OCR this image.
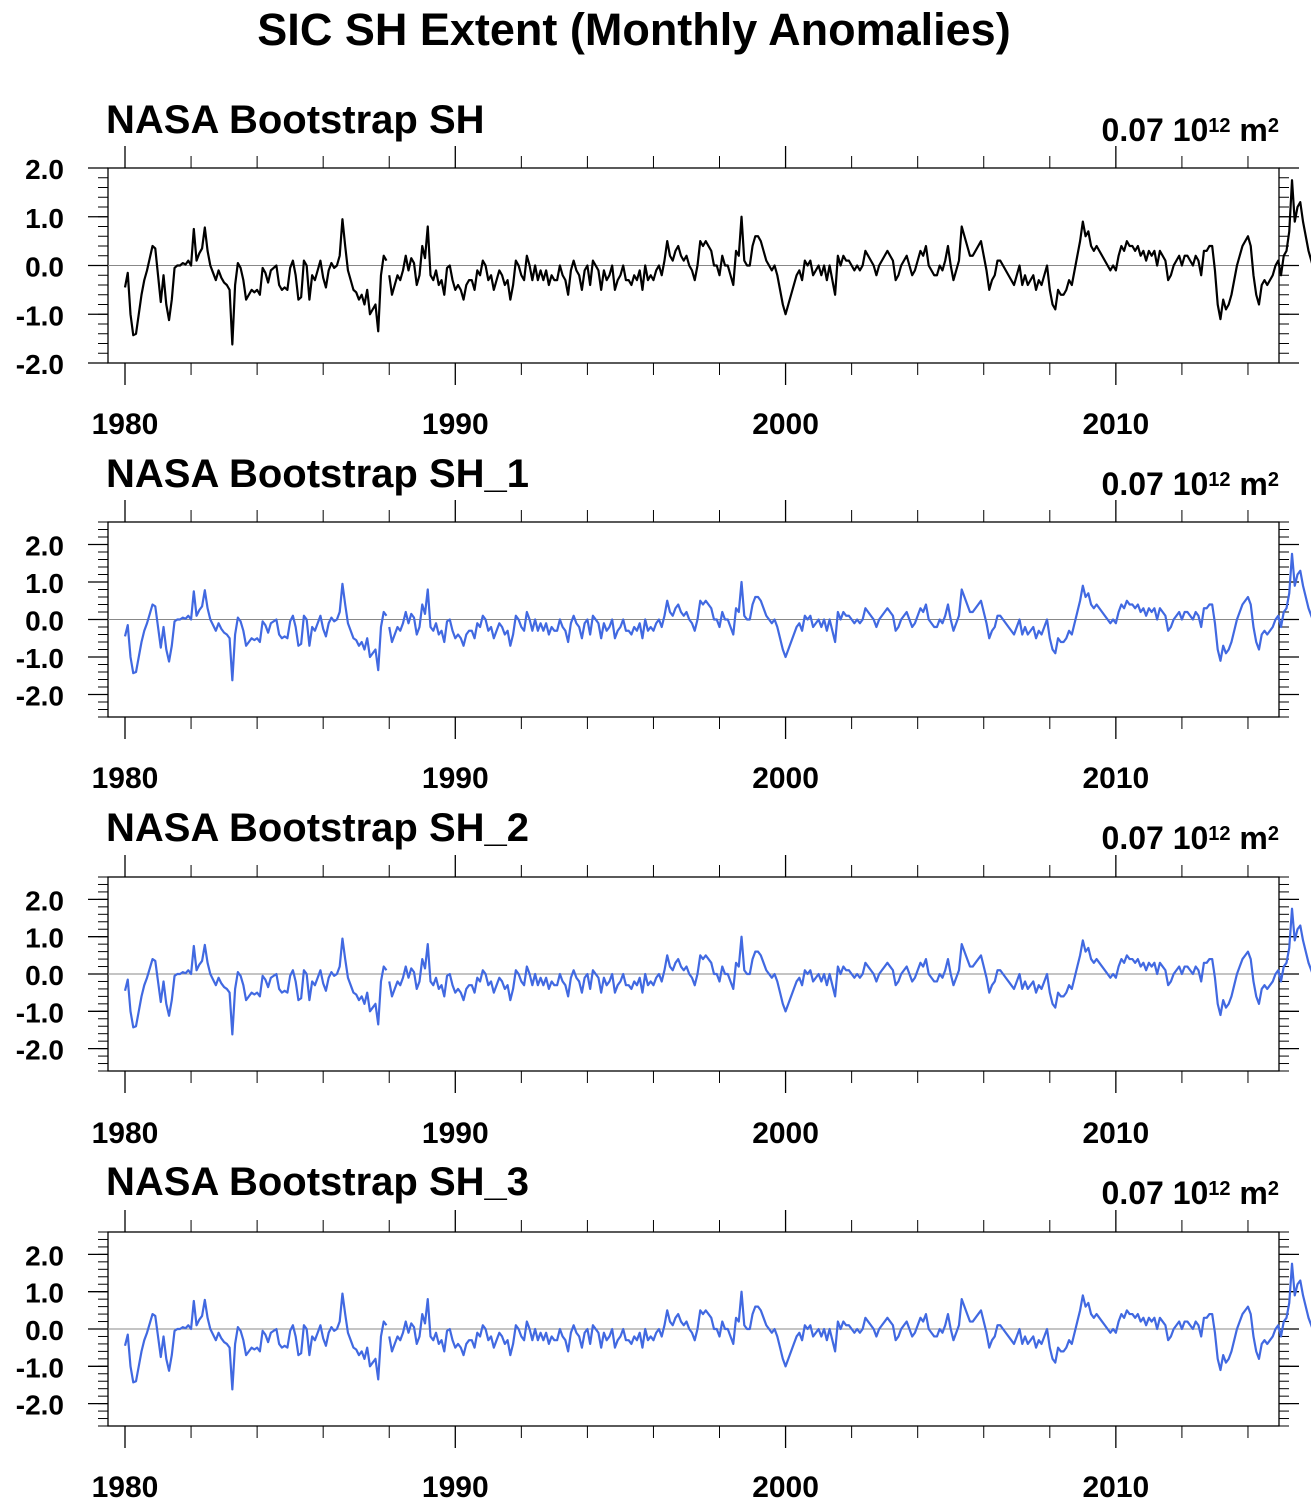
SIC SH Extent (Monthly Anomalies)
NASA Bootstrap SH	0.07 1012 m2
2.0
1.0
0.0
-1.0
-2.0
1980	1990	2000	2010
NASA Bootstrap SH_1	0.07 1012 m2
2.0
1.0
0.0
-1.0
-2.0
1980	1990	2000	2010
NASA Bootstrap SH_2	0.07 1012 m2
2.0
1.0
0.0
-1.0
-2.0
1980	1990	2000	2010
NASA Bootstrap SH_3	0.07 1012 m2
2.0
1.0
0.0
-1.0
-2.0
1980	1990	2000	2010
